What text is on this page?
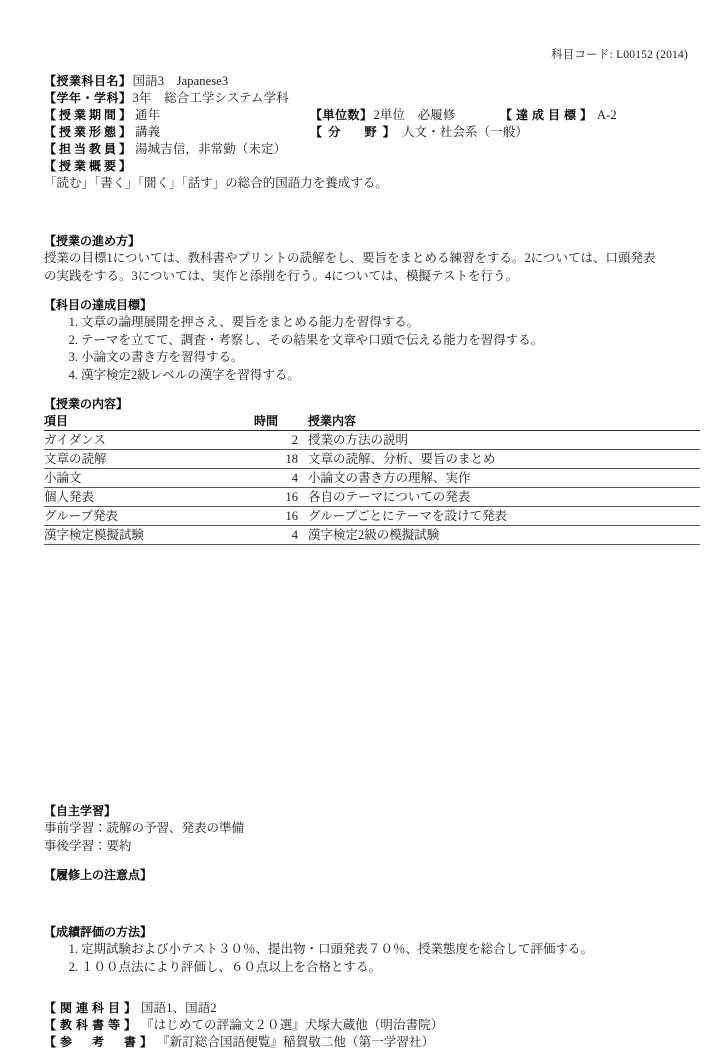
科目コード: L00152 (2014)
【授業科目名】 国語3　Japanese3
【学年・学科】 3年　総合工学システム学科
【授業期間】 通年	【単位数】 2単位　必履修	【達成目標】 A-2
【授業形態】 講義	【分　野】 人文・社会系（一般）
【担当教員】 湯城吉信，非常勤（未定）
【授業概要】
「読む」「書く」「聞く」「話す」の総合的国語力を養成する。
【授業の進め方】

授業の目標1については、教科書やプリントの読解をし、要旨をまとめる練習をする。2については、口頭発表

の実践をする。3については、実作と添削を行う。4については、模擬テストを行う。

【科目の達成目標】
1. 文章の論理展開を押さえ、要旨をまとめる能力を習得する。
2. テーマを立てて、調査・考察し、その結果を文章や口頭で伝える能力を習得する。
3. 小論文の書き方を習得する。
4. 漢字検定2級レベルの漢字を習得する。
【授業の内容】
項目	時間	授業内容
ガイダンス	2	授業の方法の説明
文章の読解	18	文章の読解、分析、要旨のまとめ
小論文	4	小論文の書き方の理解、実作
個人発表	16	各自のテーマについての発表
グループ発表	16	グループごとにテーマを設けて発表
漢字検定模擬試験	4	漢字検定2級の模擬試験
【自主学習】

事前学習：読解の予習、発表の準備

事後学習：要約

【履修上の注意点】
【成績評価の方法】
1. 定期試験および小テスト３０％、提出物・口頭発表７０％、授業態度を総合して評価する。
2. １００点法により評価し、６０点以上を合格とする。
【関連科目】 国語1、国語2
【教科書等】 『はじめての評論文２０選』犬塚大蔵他（明治書院）
【参　考　書】 『新訂総合国語便覧』稲賀敬二他（第一学習社）
